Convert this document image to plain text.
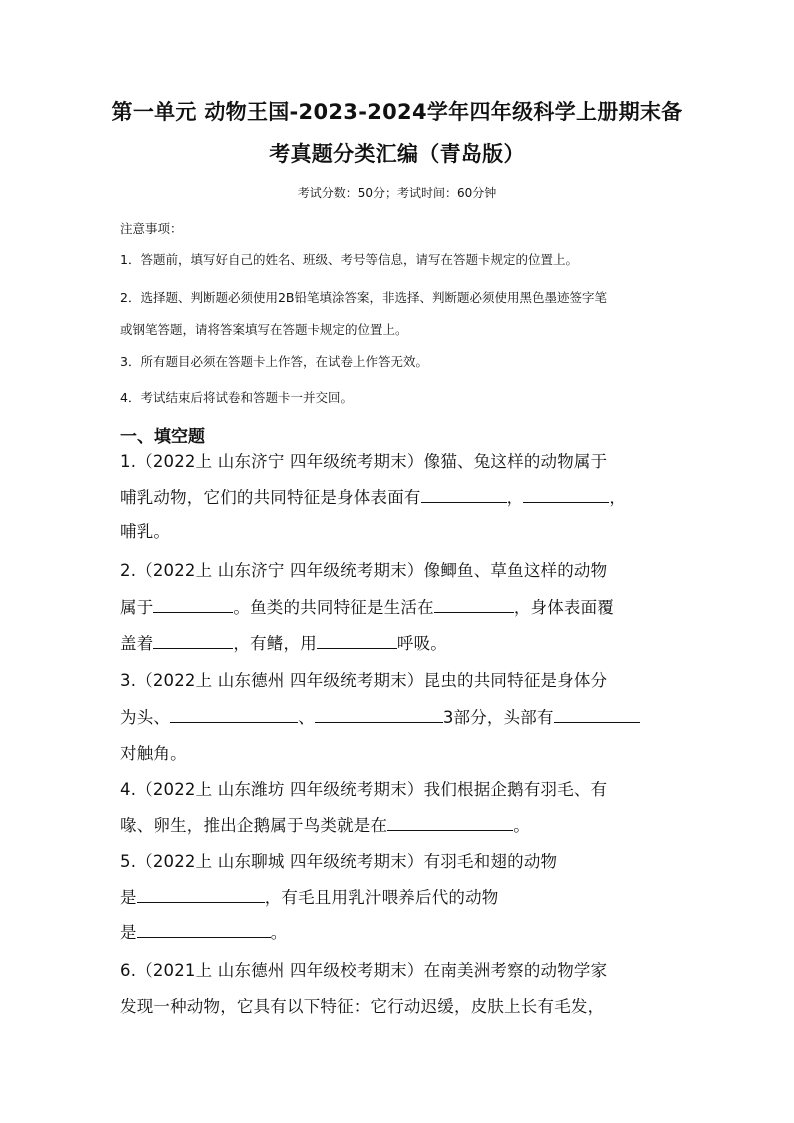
第一单元 动物王国-2023-2024学年四年级科学上册期末备
考真题分类汇编（青岛版）
考试分数：50分；考试时间：60分钟
注意事项：
1．答题前，填写好自己的姓名、班级、考号等信息，请写在答题卡规定的位置上。
2．选择题、判断题必须使用2B铅笔填涂答案，非选择、判断题必须使用黑色墨迹签字笔
或钢笔答题，请将答案填写在答题卡规定的位置上。
3．所有题目必须在答题卡上作答，在试卷上作答无效。
4．考试结束后将试卷和答题卡一并交回。
一、填空题
1.（2022上 山东济宁 四年级统考期末）像猫、兔这样的动物属于
哺乳动物，它们的共同特征是身体表面有	，	，
哺乳。
2.（2022上 山东济宁 四年级统考期末）像鲫鱼、草鱼这样的动物
属于	。鱼类的共同特征是生活在	，身体表面覆
盖着	，有鳍，用	呼吸。
3.（2022上 山东德州 四年级统考期末）昆虫的共同特征是身体分
为头、	、	3部分，头部有
对触角。
4.（2022上 山东潍坊 四年级统考期末）我们根据企鹅有羽毛、有
喙、卵生，推出企鹅属于鸟类就是在	。
5.（2022上 山东聊城 四年级统考期末）有羽毛和翅的动物
是	，有毛且用乳汁喂养后代的动物
是	。
6.（2021上 山东德州 四年级校考期末）在南美洲考察的动物学家
发现一种动物，它具有以下特征：它行动迟缓，皮肤上长有毛发，
